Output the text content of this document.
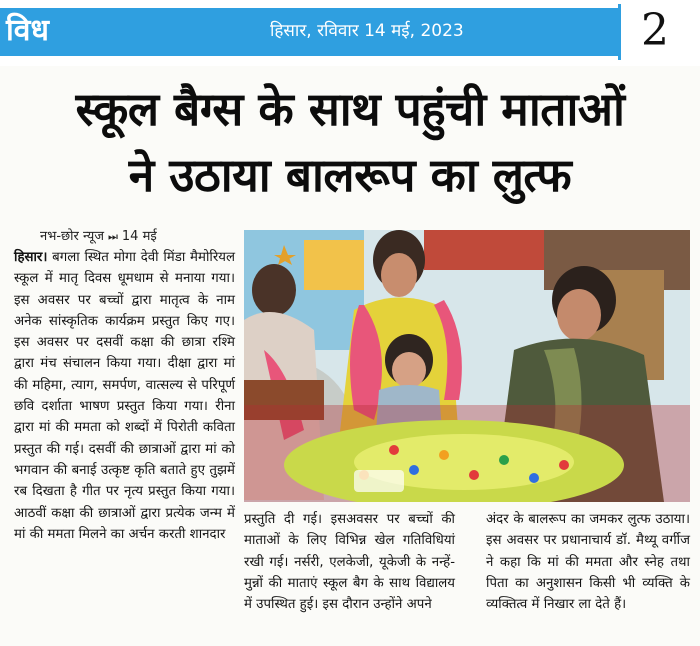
विध	हिसार, रविवार 14 मई, 2023	2
स्कूल बैग्स के साथ पहुंची माताओं
ने उठाया बालरूप का लुत्फ
नभ-छोर न्यूज ⏭ 14 मई
हिसार। बगला स्थित मोगा देवी मिंडा मैमोरियल स्कूल में मातृ दिवस धूमधाम से मनाया गया। इस अवसर पर बच्चों द्वारा मातृत्व के नाम अनेक सांस्कृतिक कार्यक्रम प्रस्तुत किए गए। इस अवसर पर दसवीं कक्षा की छात्रा रश्मि द्वारा मंच संचालन किया गया। दीक्षा द्वारा मां की महिमा, त्याग, समर्पण, वात्सल्य से परिपूर्ण छवि दर्शाता भाषण प्रस्तुत किया गया। रीना द्वारा मां की ममता को शब्दों में पिरोती कविता प्रस्तुत की गई। दसवीं की छात्राओं द्वारा मां को भगवान की बनाई उत्कृष्ट कृति बताते हुए तुझमें रब दिखता है गीत पर नृत्य प्रस्तुत किया गया। आठवीं कक्षा की छात्राओं द्वारा प्रत्येक जन्म में मां की ममता मिलने का अर्चन करती शानदार
प्रस्तुति दी गई। इसअवसर पर बच्चों की माताओं के लिए विभिन्न खेल गतिविधियां रखी गई। नर्सरी, एलकेजी, यूकेजी के नन्हें-मुन्नों की माताएं स्कूल बैग के साथ विद्यालय में उपस्थित हुई। इस दौरान उन्होंने अपने
अंदर के बालरूप का जमकर लुत्फ उठाया। इस अवसर पर प्रधानाचार्य डॉ. मैथ्यू वर्गीज ने कहा कि मां की ममता और स्नेह तथा पिता का अनुशासन किसी भी व्यक्ति के व्यक्तित्व में निखार ला देते हैं।
